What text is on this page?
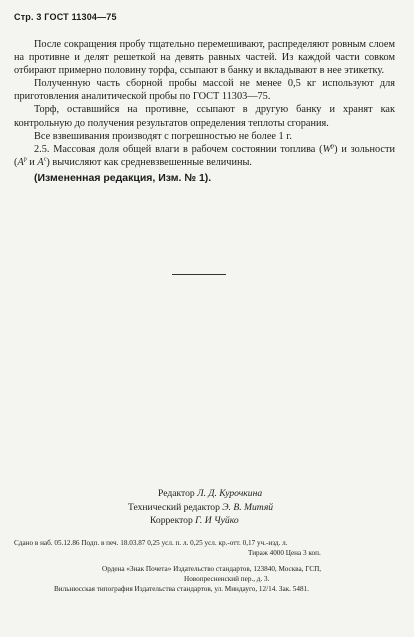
Стр. 3 ГОСТ 11304—75

После сокращения пробу тщательно перемешивают, распределяют ровным слоем на противне и делят решеткой на девять равных частей. Из каждой части совком отбирают примерно половину торфа, ссыпают в банку и вкладывают в нее этикетку.

Полученную часть сборной пробы массой не менее 0,5 кг используют для приготовления аналитической пробы по ГОСТ 11303—75.

Торф, оставшийся на противне, ссыпают в другую банку и хранят как контрольную до получения результатов определения теплоты сгорания.

Все взвешивания производят с погрешностью не более 1 г.

2.5. Массовая доля общей влаги в рабочем состоянии топлива $(W^p)$ и зольности ($A^p$ и $A^c$) вычисляют как средневзвешенные величины.

(Измененная редакция, Изм. № 1).

Редактор Л. Д. Курочкина
Технический редактор Э. В. Митяй
Корректор Г. И Чуйко
Сдано в наб. 05.12.86 Подп. в печ. 18.03.87 0,25 усл. п. л. 0,25 усл. кр.-отт. 0,17 уч.-изд. л.
Тираж 4000 Цена 3 коп.
Ордена «Знак Почета» Издательство стандартов, 123840, Москва, ГСП,
Новопресненский пер., д. 3.
Вильнюсская типография Издательства стандартов, ул. Миндауго, 12/14. Зак. 5481.
